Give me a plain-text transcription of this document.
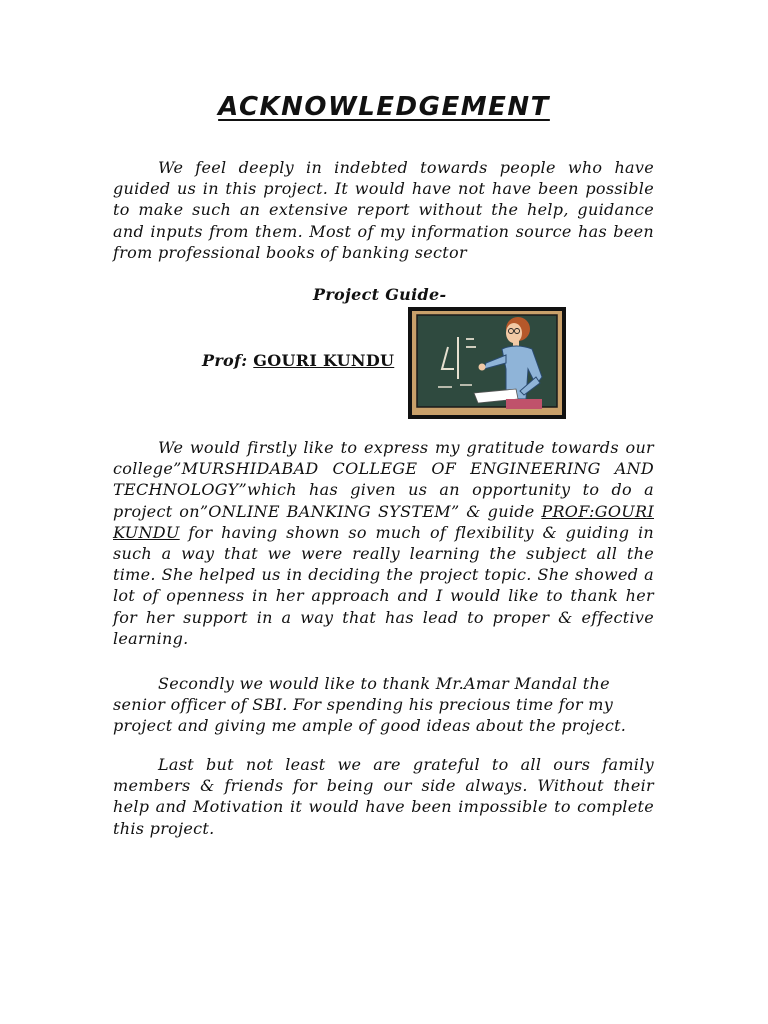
ACKNOWLEDGEMENT

We feel deeply in indebted towards people who have guided us in this project. It would have not have been possible to make such an extensive report without the help, guidance and inputs from them. Most of my information source has been from professional books of banking sector

Project Guide-
Prof: GOURI KUNDU

We would firstly like to express my gratitude towards our college”MURSHIDABAD COLLEGE OF ENGINEERING AND TECHNOLOGY”which has given us an opportunity to do a project on”ONLINE BANKING SYSTEM” & guide PROF:GOURI KUNDU for having shown so much of flexibility & guiding in such a way that we were really learning the subject all the time. She helped us in deciding the project topic. She showed a lot of openness in her approach and I would like to thank her for her support in a way that has lead to proper & effective learning.

Secondly we would like to thank Mr.Amar Mandal the senior officer of SBI. For spending his precious time for my project and giving me ample of good ideas about the project.

Last but not least we are grateful to all ours family members & friends for being our side always. Without their help and Motivation it would have been impossible to complete this project.
